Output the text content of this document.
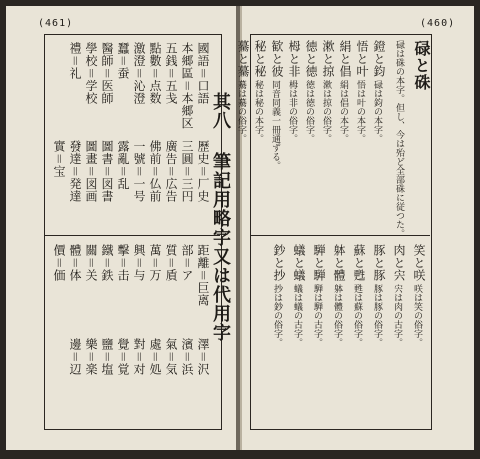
(461)	(460)
其八 筆記用略字又は代用字
碌と硃
碌は硃の本字。但し、今は殆ど全部硃に従つた。
鐙と鈞
碌は鈞の本字。
悟と叶
悟は叶の本字。
絹と倡
絹は倡の本字。
漱と掠
漱は掠の俗字。
徳と徳
徳は徳の俗字。
栂と非
栂は非の俗字。
歓と彼
同音同義一冊通ずる。
秘と秘
秘は秘の本字。
驀と驀
驀は驀の俗字。
笑と咲
咲は笑の俗字。
肉と宍
宍は肉の古字。
豚と豚
豚は豚の俗字。
蘇と甦
甦は蘇の俗字。
躰と體
躰は體の俗字。
騨と騨
騨は騨の古字。
蟻と蟻
蟻は蟻の古字。
鈔と抄
抄は鈔の俗字。
國語＝口語
本郷區＝本郷区
五銭＝五戋
點數＝点数
激澄＝沁澄
蠶＝蚕
醫師＝医師
學校＝学校
禮＝礼
歷史＝厂史
三圓＝三円
廣告＝広告
佛前＝仏前
一號＝一号
露亂＝乱
圖書＝図書
圖畫＝図画
發達＝発達
實＝宝
距離＝巨离
部＝ア
質＝貭
萬＝万
興＝与
擊＝击
鐵＝鉄
關＝关
體＝体
價＝価
澤＝沢
濱＝浜
氣＝気
處＝処
對＝对
覺＝覚
鹽＝塩
樂＝楽
邊＝辺
